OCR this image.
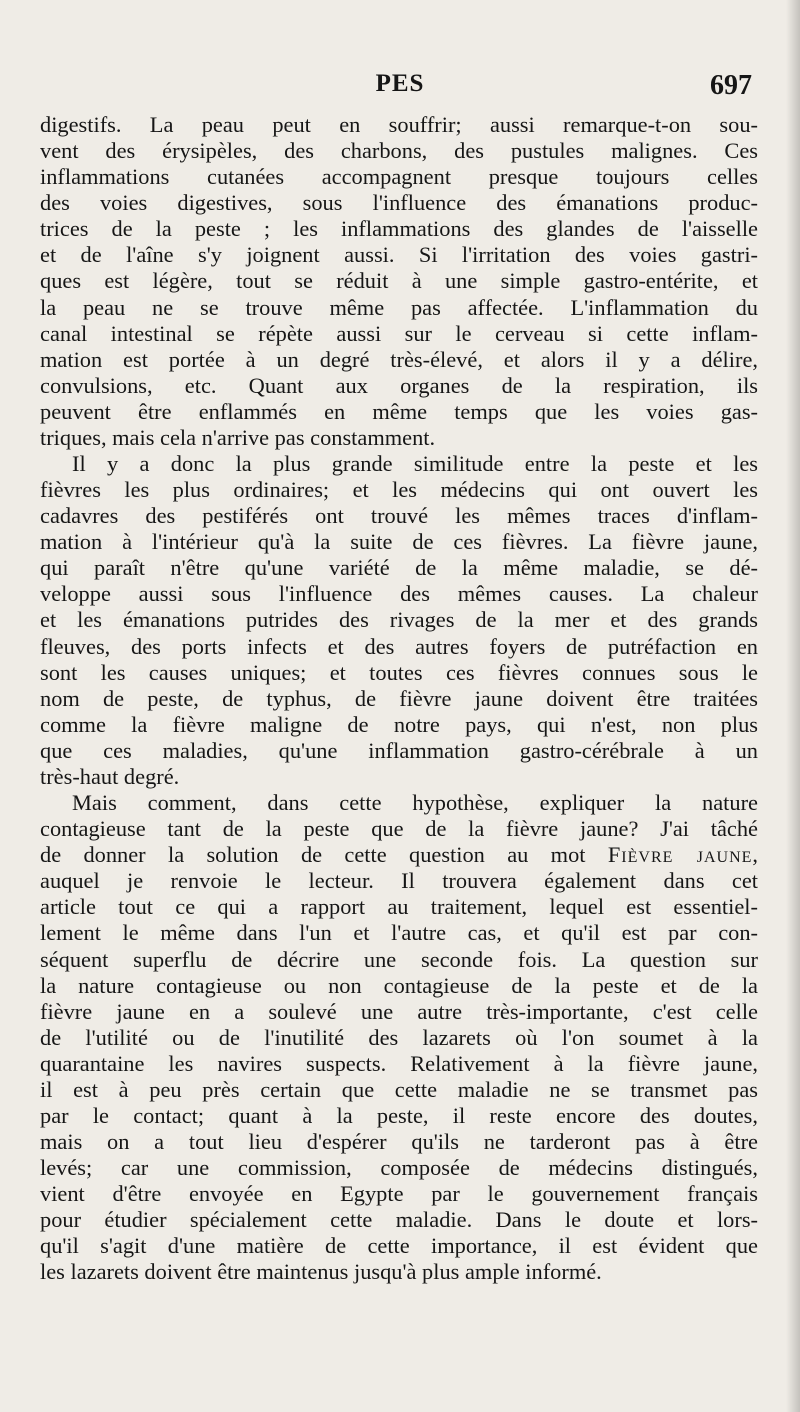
PES	697
digestifs. La peau peut en souffrir; aussi remarque-t-on sou-
vent des érysipèles, des charbons, des pustules malignes. Ces
inflammations cutanées accompagnent presque toujours celles
des voies digestives, sous l'influence des émanations produc-
trices de la peste ; les inflammations des glandes de l'aisselle
et de l'aîne s'y joignent aussi. Si l'irritation des voies gastri-
ques est légère, tout se réduit à une simple gastro-entérite, et
la peau ne se trouve même pas affectée. L'inflammation du
canal intestinal se répète aussi sur le cerveau si cette inflam-
mation est portée à un degré très-élevé, et alors il y a délire,
convulsions, etc. Quant aux organes de la respiration, ils
peuvent être enflammés en même temps que les voies gas-
triques, mais cela n'arrive pas constamment.
Il y a donc la plus grande similitude entre la peste et les
fièvres les plus ordinaires; et les médecins qui ont ouvert les
cadavres des pestiférés ont trouvé les mêmes traces d'inflam-
mation à l'intérieur qu'à la suite de ces fièvres. La fièvre jaune,
qui paraît n'être qu'une variété de la même maladie, se dé-
veloppe aussi sous l'influence des mêmes causes. La chaleur
et les émanations putrides des rivages de la mer et des grands
fleuves, des ports infects et des autres foyers de putréfaction en
sont les causes uniques; et toutes ces fièvres connues sous le
nom de peste, de typhus, de fièvre jaune doivent être traitées
comme la fièvre maligne de notre pays, qui n'est, non plus
que ces maladies, qu'une inflammation gastro-cérébrale à un
très-haut degré.
Mais comment, dans cette hypothèse, expliquer la nature
contagieuse tant de la peste que de la fièvre jaune? J'ai tâché
de donner la solution de cette question au mot Fièvre jaune,
auquel je renvoie le lecteur. Il trouvera également dans cet
article tout ce qui a rapport au traitement, lequel est essentiel-
lement le même dans l'un et l'autre cas, et qu'il est par con-
séquent superflu de décrire une seconde fois. La question sur
la nature contagieuse ou non contagieuse de la peste et de la
fièvre jaune en a soulevé une autre très-importante, c'est celle
de l'utilité ou de l'inutilité des lazarets où l'on soumet à la
quarantaine les navires suspects. Relativement à la fièvre jaune,
il est à peu près certain que cette maladie ne se transmet pas
par le contact; quant à la peste, il reste encore des doutes,
mais on a tout lieu d'espérer qu'ils ne tarderont pas à être
levés; car une commission, composée de médecins distingués,
vient d'être envoyée en Egypte par le gouvernement français
pour étudier spécialement cette maladie. Dans le doute et lors-
qu'il s'agit d'une matière de cette importance, il est évident que
les lazarets doivent être maintenus jusqu'à plus ample informé.
